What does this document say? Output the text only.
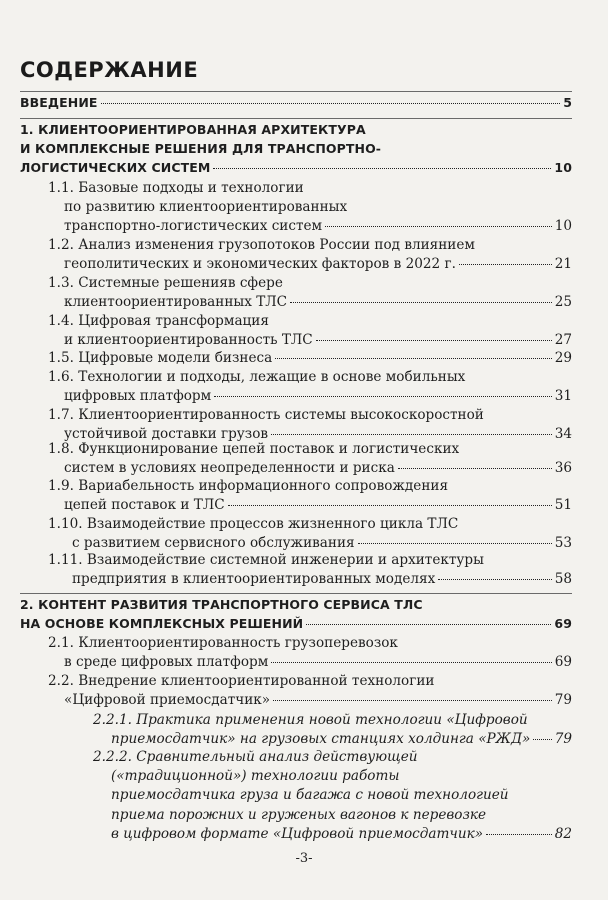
СОДЕРЖАНИЕ
ВВЕДЕНИЕ	5
1. КЛИЕНТООРИЕНТИРОВАННАЯ АРХИТЕКТУРА
И КОМПЛЕКСНЫЕ РЕШЕНИЯ ДЛЯ ТРАНСПОРТНО-
ЛОГИСТИЧЕСКИХ СИСТЕМ	10
1.1. Базовые подходы и технологии
по развитию клиентоориентированных
транспортно-логистических систем	10
1.2. Анализ изменения грузопотоков России под влиянием
геополитических и экономических факторов в 2022 г.	21
1.3. Системные решенияв сфере
клиентоориентированных ТЛС	25
1.4. Цифровая трансформация
и клиентоориентированность ТЛС	27
1.5. Цифровые модели бизнеса	29
1.6. Технологии и подходы, лежащие в основе мобильных
цифровых платформ	31
1.7. Клиентоориентированность системы высокоскоростной
устойчивой доставки грузов	34
1.8. Функционирование цепей поставок и логистических
систем в условиях неопределенности и риска	36
1.9. Вариабельность информационного сопровождения
цепей поставок и ТЛС	51
1.10. Взаимодействие процессов жизненного цикла ТЛС
с развитием сервисного обслуживания	53
1.11. Взаимодействие системной инженерии и архитектуры
предприятия в клиентоориентированных моделях	58
2. КОНТЕНТ РАЗВИТИЯ ТРАНСПОРТНОГО СЕРВИСА ТЛС
НА ОСНОВЕ КОМПЛЕКСНЫХ РЕШЕНИЙ	69
2.1. Клиентоориентированность грузоперевозок
в среде цифровых платформ	69
2.2. Внедрение клиентоориентированной технологии
«Цифровой приемосдатчик»	79
2.2.1. Практика применения новой технологии «Цифровой
приемосдатчик» на грузовых станциях холдинга «РЖД» 79
2.2.2. Сравнительный анализ действующей
(«традиционной») технологии работы
приемосдатчика груза и багажа с новой технологией
приема порожних и груженых вагонов к перевозке
в цифровом формате «Цифровой приемосдатчик»	82
-3-
